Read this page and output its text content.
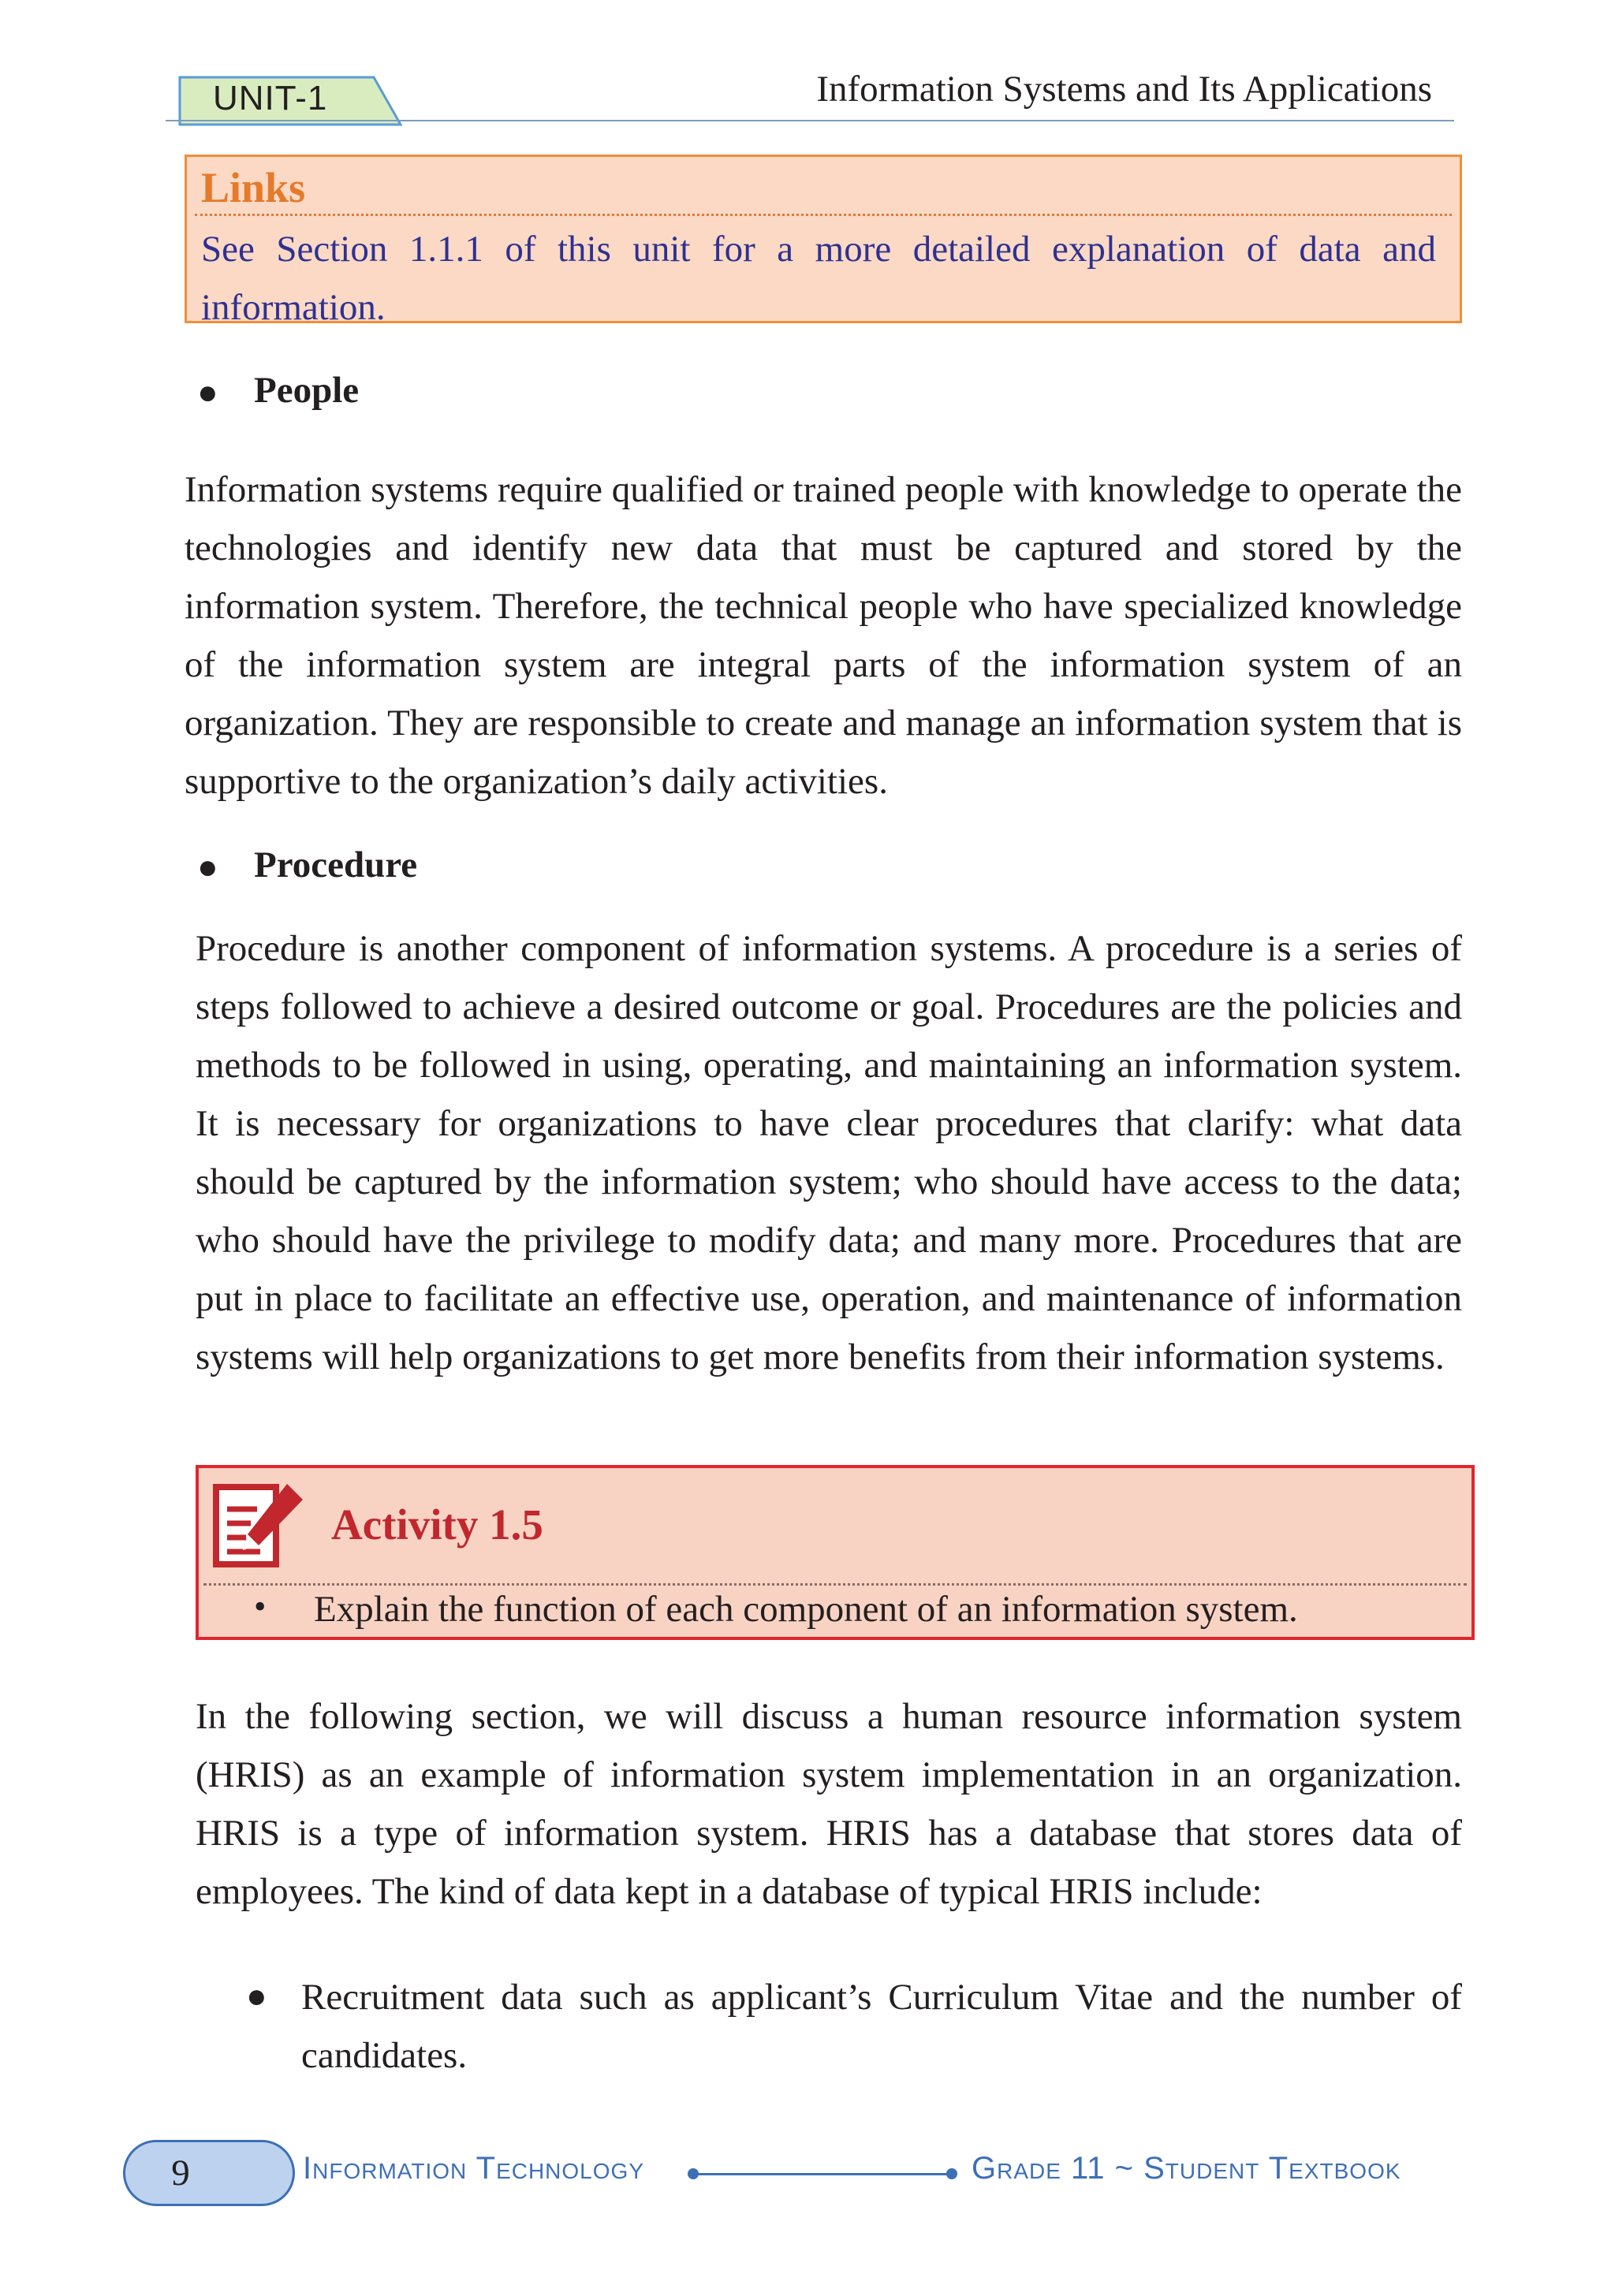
UNIT-1	Information Systems and Its Applications
Links
See Section 1.1.1 of this unit for a more detailed explanation of data and information.
● People
Information systems require qualified or trained people with knowledge to operate the technologies and identify new data that must be captured and stored by the information system. Therefore, the technical people who have specialized knowledge of the information system are integral parts of the information system of an organization. They are responsible to create and manage an information system that is supportive to the organization’s daily activities.
● Procedure
Procedure is another component of information systems. A procedure is a series of steps followed to achieve a desired outcome or goal. Procedures are the policies and methods to be followed in using, operating, and maintaining an information system. It is necessary for organizations to have clear procedures that clarify: what data should be captured by the information system; who should have access to the data; who should have the privilege to modify data; and many more. Procedures that are put in place to facilitate an effective use, operation, and maintenance of information systems will help organizations to get more benefits from their information systems.
Activity 1.5
• Explain the function of each component of an information system.
In the following section, we will discuss a human resource information system (HRIS) as an example of information system implementation in an organization. HRIS is a type of information system. HRIS has a database that stores data of employees. The kind of data kept in a database of typical HRIS include:
● Recruitment data such as applicant’s Curriculum Vitae and the number of candidates.
9	Information Technology	Grade 11 ~ Student Textbook
